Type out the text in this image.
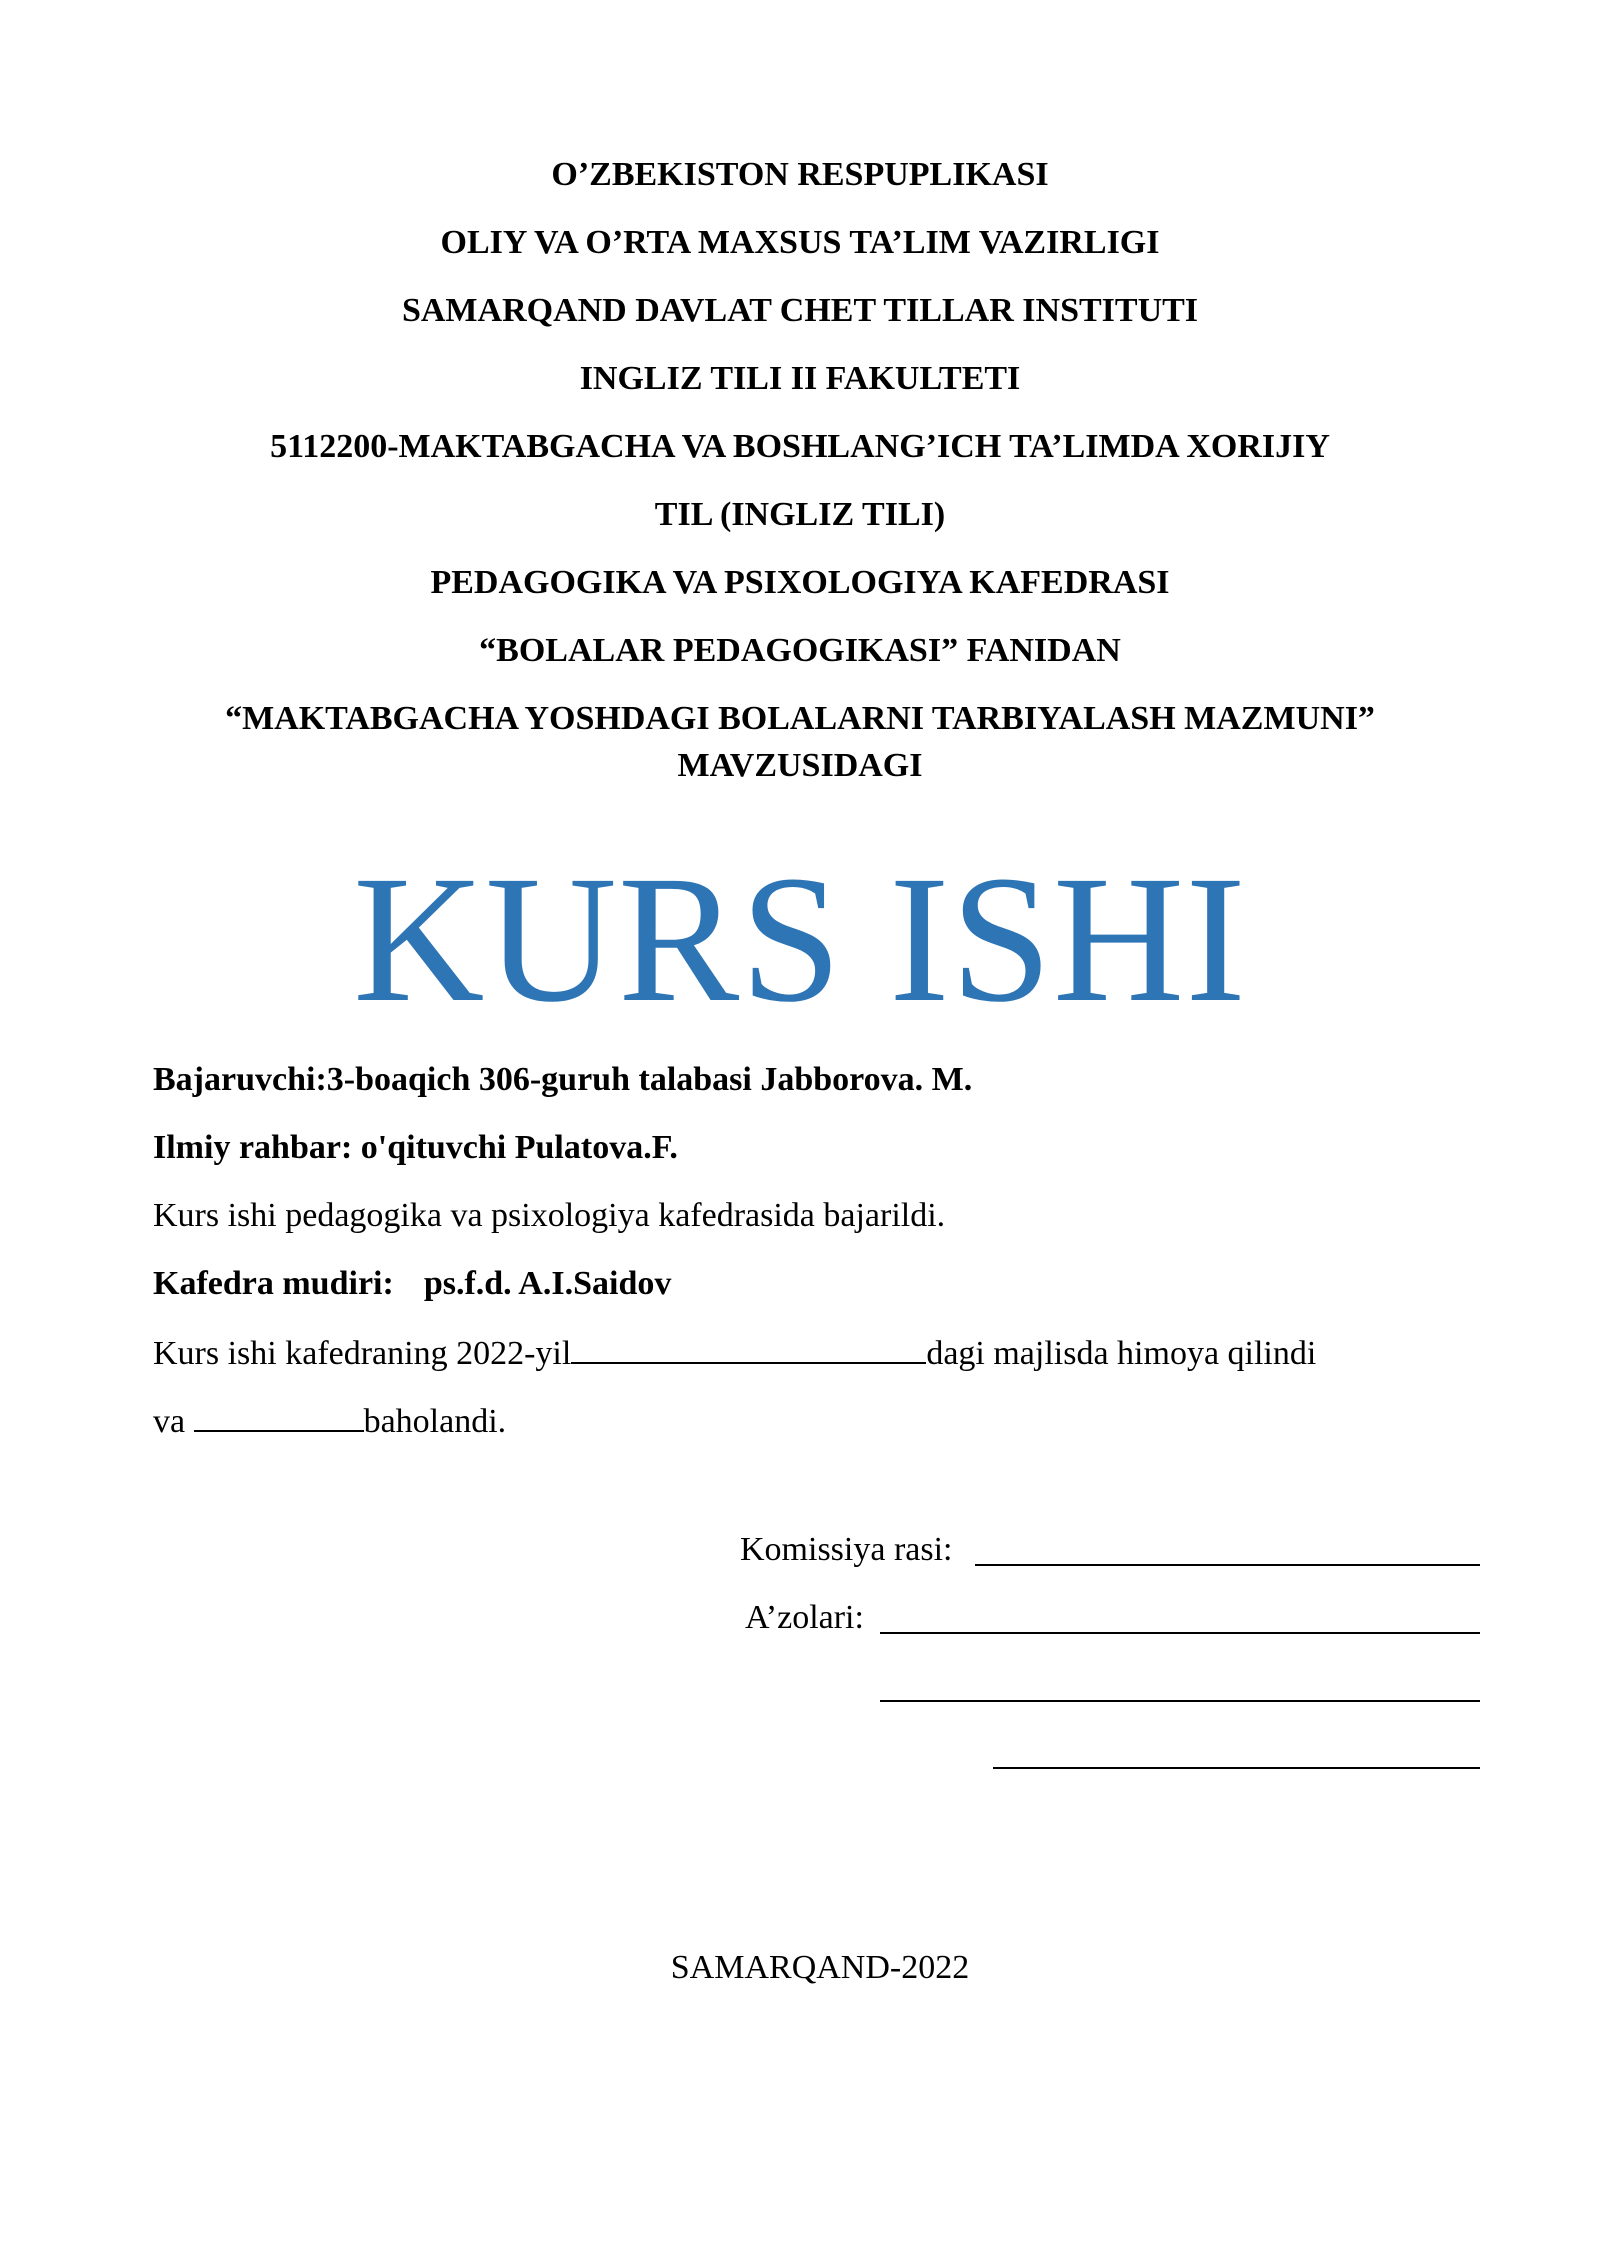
O’ZBEKISTON RESPUPLIKASI
OLIY VA O’RTA MAXSUS TA’LIM VAZIRLIGI
SAMARQAND DAVLAT CHET TILLAR INSTITUTI
INGLIZ TILI II FAKULTETI
5112200-MAKTABGACHA VA BOSHLANG’ICH TA’LIMDA XORIJIY
TIL (INGLIZ TILI)
PEDAGOGIKA VA PSIXOLOGIYA KAFEDRASI
“BOLALAR PEDAGOGIKASI” FANIDAN
“MAKTABGACHA YOSHDAGI BOLALARNI TARBIYALASH MAZMUNI”
MAVZUSIDAGI
KURS ISHI
Bajaruvchi:3-boaqich 306-guruh talabasi Jabborova. M.
Ilmiy rahbar: o'qituvchi Pulatova.F.
Kurs ishi pedagogika va psixologiya kafedrasida bajarildi.
Kafedra mudiri: ps.f.d. A.I.Saidov
Kurs ishi kafedraning 2022-yil	dagi majlisda himoya qilindi
va	baholandi.
Komissiya rasi:
A’zolari:
SAMARQAND-2022
